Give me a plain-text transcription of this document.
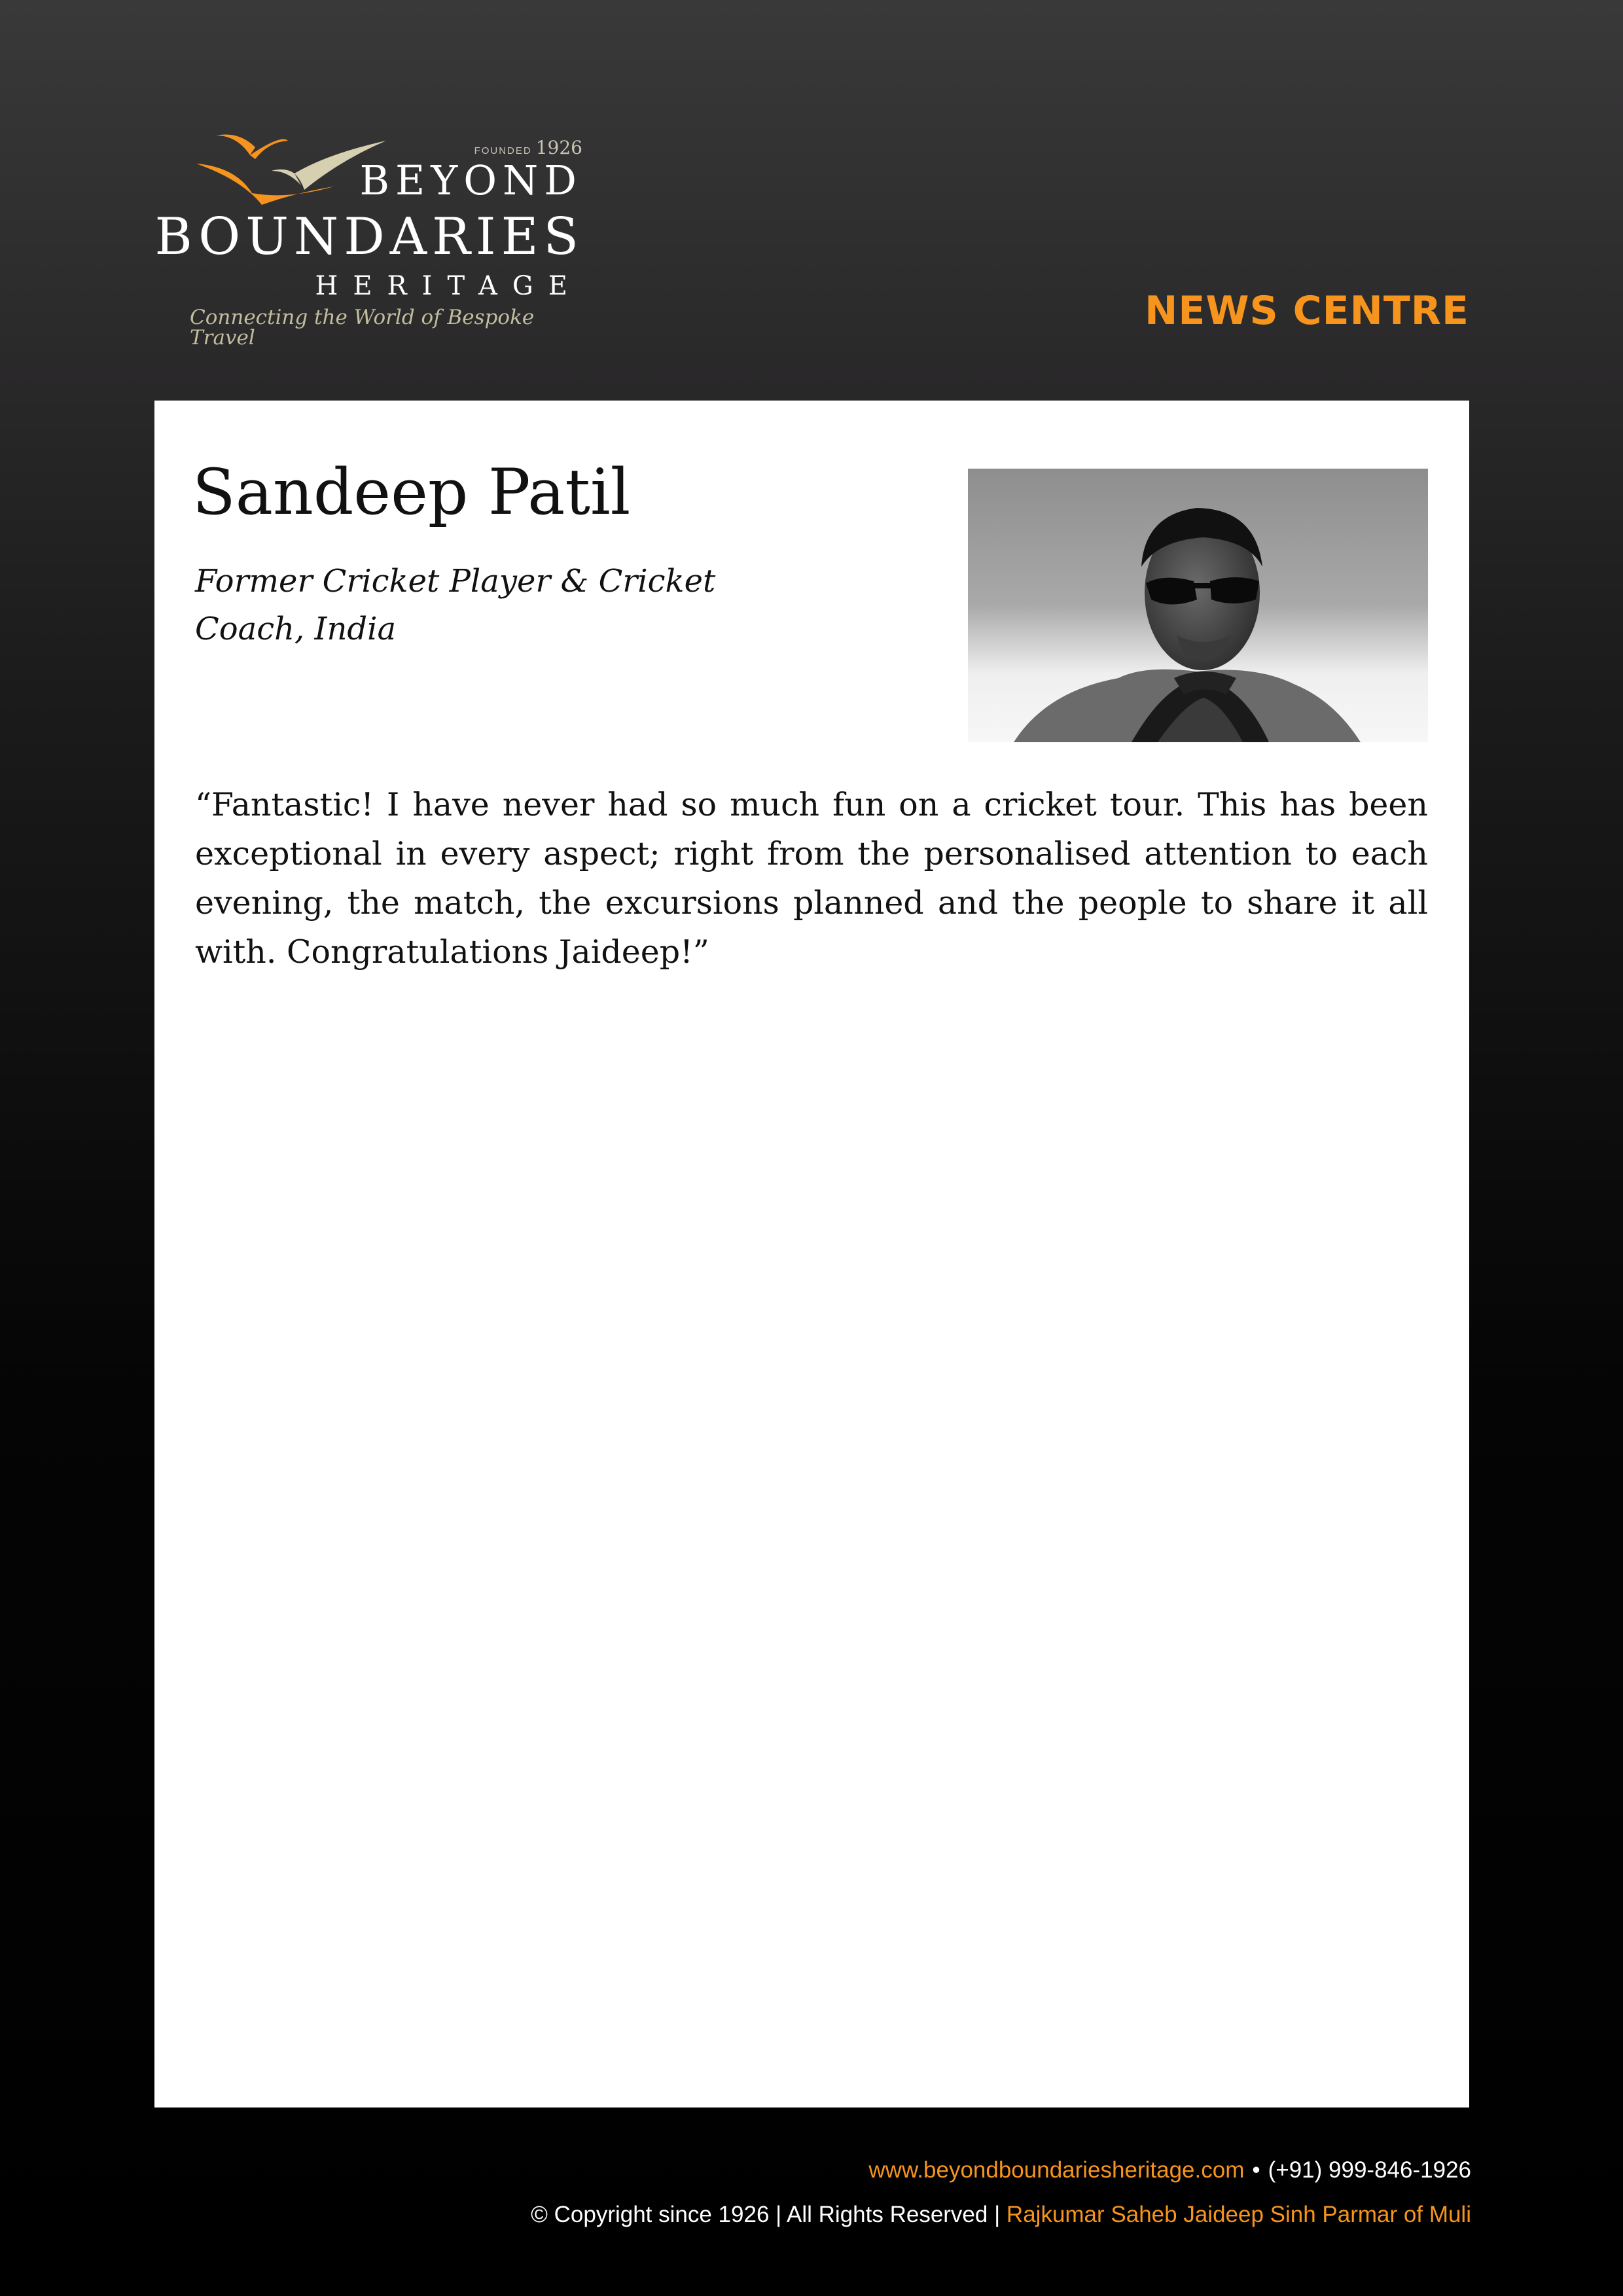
FOUNDED 1926
BEYOND
BOUNDARIES
HERITAGE
Connecting the World of Bespoke Travel
NEWS CENTRE
Sandeep Patil

Former Cricket Player & Cricket Coach, India

“Fantastic! I have never had so much fun on a cricket tour. This has been exceptional in every aspect; right from the personalised attention to each evening, the match, the excursions planned and the people to share it all with. Congratulations Jaideep!”

www.beyondboundariesheritage.com • (+91) 999-846-1926
© Copyright since 1926 | All Rights Reserved | Rajkumar Saheb Jaideep Sinh Parmar of Muli
